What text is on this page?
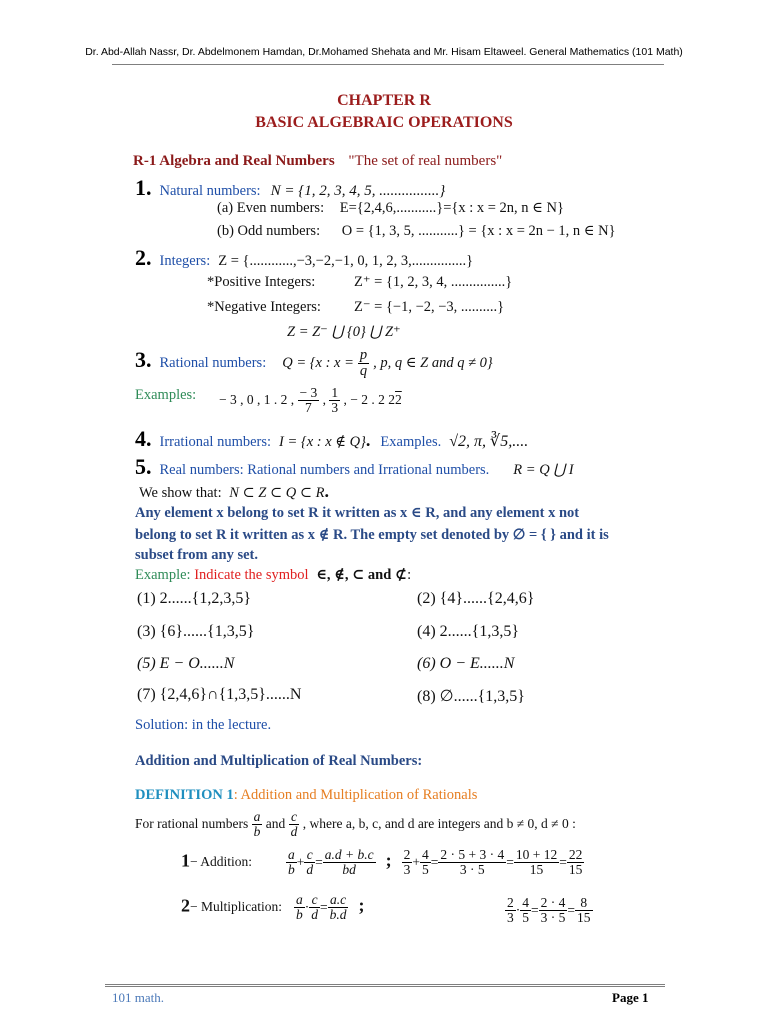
Dr. Abd-Allah Nassr, Dr. Abdelmonem Hamdan, Dr.Mohamed Shehata and Mr. Hisam Eltaweel. General Mathematics (101 Math)
CHAPTER R
BASIC ALGEBRAIC OPERATIONS
R-1 Algebra and Real Numbers "The set of real numbers"
1. Natural numbers: N = {1, 2, 3, 4, 5, ................}
(a) Even numbers: E={2,4,6,...........}={x : x = 2n, n ∈ N}
(b) Odd numbers: O = {1, 3, 5, ...........} = {x : x = 2n − 1, n ∈ N}
2. Integers: Z = {............,−3,−2,−1, 0, 1, 2, 3,...............}
*Positive Integers:	Z⁺ = {1, 2, 3, 4, ...............}
*Negative Integers: Z⁻ = {−1, −2, −3, ..........}
Z = Z⁻ ⋃ {0} ⋃ Z⁺
3. Rational numbers: Q = {x : $x = \frac{p}{q}$ , p, q ∈ Z and q ≠ 0}
Examples: − 3 , 0 , 1 . 2 , $\frac{- 3}{7}$ , $\frac{1}{3}$ , − 2 . 2 22
4. Irrational numbers: I = {x : x ∉ Q}. Examples. √2, π, ∛5,....
5. Real numbers: Rational numbers and Irrational numbers. R = Q ⋃ I
We show that: N ⊂ Z ⊂ Q ⊂ R.
Any element x belong to set R it written as x ∈ R, and any element x not
belong to set R it written as x ∉ R. The empty set denoted by ∅ = { } and it is
subset from any set.
Example: Indicate the symbol ∈, ∉, ⊂ and ⊄:
(1) 2......{1,2,3,5}	(2) {4}......{2,4,6}
(3) {6}......{1,3,5}	(4) 2......{1,3,5}
(5) E − O......N	(6) O − E......N
(7) {2,4,6}∩{1,3,5}......N	(8) ∅......{1,3,5}
Solution: in the lecture.
Addition and Multiplication of Real Numbers:
DEFINITION 1: Addition and Multiplication of Rationals
For rational numbers $\frac{a}{b}$ and $\frac{c}{d}$ , where a, b, c, and d are integers and b ≠ 0, d ≠ 0 :
1− Addition:	$\frac{a}{b} + \frac{c}{d} = \frac{a.d + b.c}{bd}$ ; $\frac{2}{3} + \frac{4}{5} = \frac{2 \cdot 5 + 3 \cdot 4}{3 \cdot 5} = \frac{10 + 12}{15} = \frac{22}{15}$
2− Multiplication: $\frac{a}{b} \cdot \frac{c}{d} = \frac{a.c}{b.d}$ ;	$\frac{2}{3} \cdot \frac{4}{5} = \frac{2 \cdot 4}{3 \cdot 5} = \frac{8}{15}$
101 math.	Page 1
